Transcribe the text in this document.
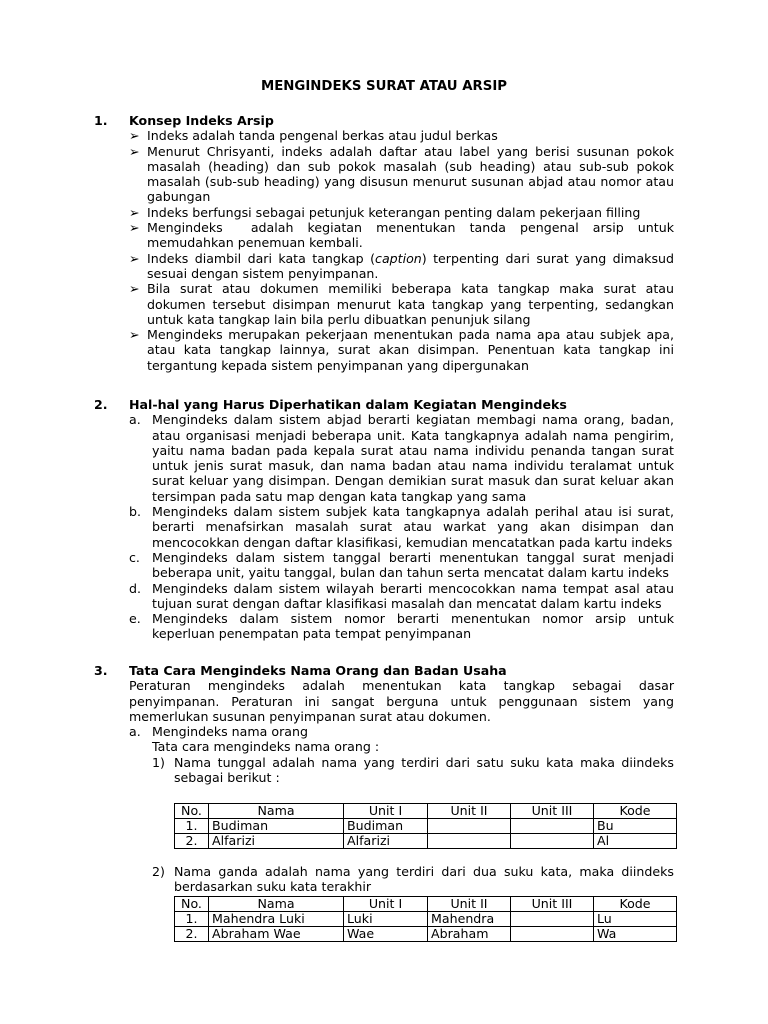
MENGINDEKS SURAT ATAU ARSIP
1.	Konsep Indeks Arsip
➢ Indeks adalah tanda pengenal berkas atau judul berkas
➢ Menurut Chrisyanti, indeks adalah daftar atau label yang berisi susunan pokok masalah (heading) dan sub pokok masalah (sub heading) atau sub-sub pokok masalah (sub-sub heading) yang disusun menurut susunan abjad atau nomor atau gabungan
➢ Indeks berfungsi sebagai petunjuk keterangan penting dalam pekerjaan filling
➢ Mengindeks  adalah kegiatan menentukan tanda pengenal arsip untuk memudahkan penemuan kembali.
➢ Indeks diambil dari kata tangkap (caption) terpenting dari surat yang dimaksud sesuai dengan sistem penyimpanan.
➢ Bila surat atau dokumen memiliki beberapa kata tangkap maka surat atau dokumen tersebut disimpan menurut kata tangkap yang terpenting, sedangkan untuk kata tangkap lain bila perlu dibuatkan penunjuk silang
➢ Mengindeks merupakan pekerjaan menentukan pada nama apa atau subjek apa, atau kata tangkap lainnya, surat akan disimpan. Penentuan kata tangkap ini tergantung kepada sistem penyimpanan yang dipergunakan
2.	Hal-hal yang Harus Diperhatikan dalam Kegiatan Mengindeks
a. Mengindeks dalam sistem abjad berarti kegiatan membagi nama orang, badan, atau organisasi menjadi beberapa unit. Kata tangkapnya adalah nama pengirim, yaitu nama badan pada kepala surat atau nama individu penanda tangan surat untuk jenis surat masuk, dan nama badan atau nama individu teralamat untuk surat keluar yang disimpan. Dengan demikian surat masuk dan surat keluar akan tersimpan pada satu map dengan kata tangkap yang sama
b. Mengindeks dalam sistem subjek kata tangkapnya adalah perihal atau isi surat, berarti menafsirkan masalah surat atau warkat yang akan disimpan dan mencocokkan dengan daftar klasifikasi, kemudian mencatatkan pada kartu indeks
c. Mengindeks dalam sistem tanggal berarti menentukan tanggal surat menjadi beberapa unit, yaitu tanggal, bulan dan tahun serta mencatat dalam kartu indeks
d. Mengindeks dalam sistem wilayah berarti mencocokkan nama tempat asal atau tujuan surat dengan daftar klasifikasi masalah dan mencatat dalam kartu indeks
e. Mengindeks dalam sistem nomor berarti menentukan nomor arsip untuk keperluan penempatan pata tempat penyimpanan
3.	Tata Cara Mengindeks Nama Orang dan Badan Usaha
Peraturan mengindeks adalah menentukan kata tangkap sebagai dasar penyimpanan. Peraturan ini sangat berguna untuk penggunaan sistem yang memerlukan susunan penyimpanan surat atau dokumen.
a. Mengindeks nama orang
Tata cara mengindeks nama orang :
1) Nama tunggal adalah nama yang terdiri dari satu suku kata maka diindeks sebagai berikut :
2) Nama ganda adalah nama yang terdiri dari dua suku kata, maka diindeks berdasarkan suku kata terakhir
No.	Nama	Unit I	Unit II	Unit III	Kode
1.	Budiman	Budiman			Bu
2.	Alfarizi	Alfarizi			Al
No.	Nama	Unit I	Unit II	Unit III	Kode
1.	Mahendra Luki	Luki	Mahendra		Lu
2.	Abraham Wae	Wae	Abraham		Wa
